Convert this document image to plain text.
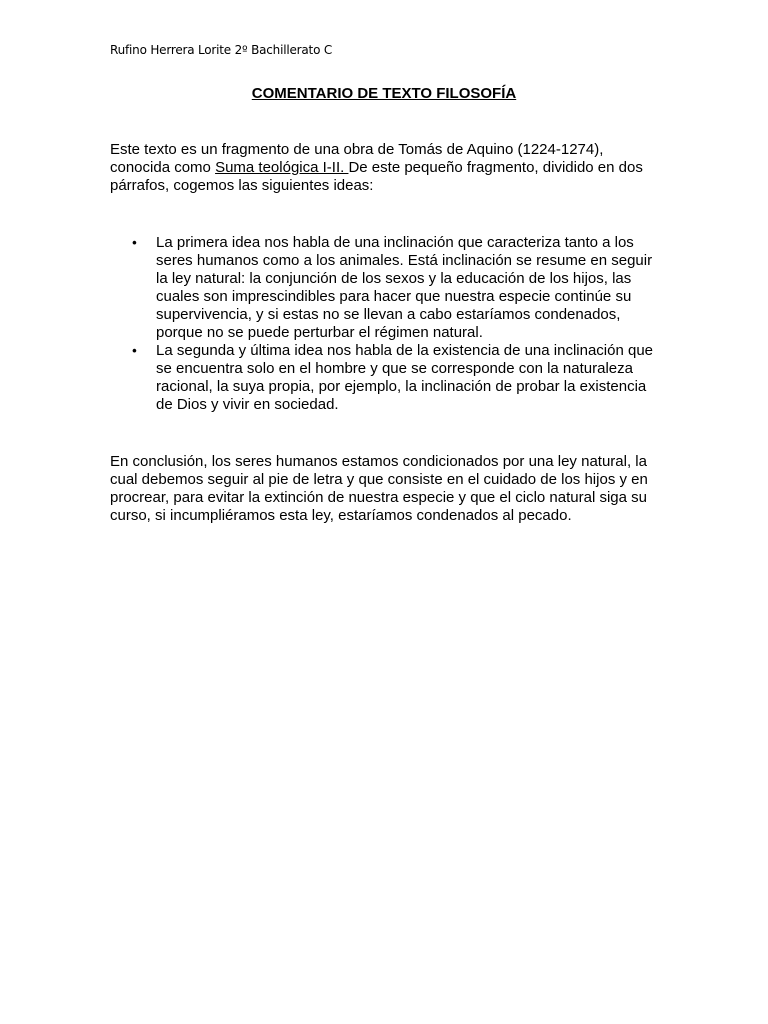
Rufino Herrera Lorite 2º Bachillerato C
COMENTARIO DE TEXTO FILOSOFÍA

Este texto es un fragmento de una obra de Tomás de Aquino (1224-1274), conocida como Suma teológica I-II. De este pequeño fragmento, dividido en dos párrafos, cogemos las siguientes ideas:

•	La primera idea nos habla de una inclinación que caracteriza tanto a los seres humanos como a los animales. Está inclinación se resume en seguir la ley natural: la conjunción de los sexos y la educación de los hijos, las cuales son imprescindibles para hacer que nuestra especie continúe su supervivencia, y si estas no se llevan a cabo estaríamos condenados, porque no se puede perturbar el régimen natural.
•	La segunda y última idea nos habla de la existencia de una inclinación que se encuentra solo en el hombre y que se corresponde con la naturaleza racional, la suya propia, por ejemplo, la inclinación de probar la existencia de Dios y vivir en sociedad.

En conclusión, los seres humanos estamos condicionados por una ley natural, la cual debemos seguir al pie de letra y que consiste en el cuidado de los hijos y en procrear, para evitar la extinción de nuestra especie y que el ciclo natural siga su curso, si incumpliéramos esta ley, estaríamos condenados al pecado.
